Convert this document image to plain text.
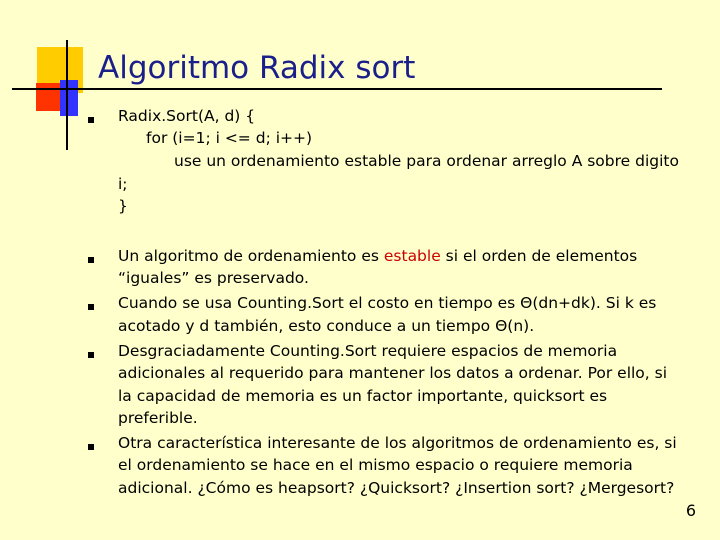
Algoritmo Radix sort
Radix.Sort(A, d) {
for (i=1; i <= d; i++)
use un ordenamiento estable para ordenar arreglo A sobre digito
i;
}
Un algoritmo de ordenamiento es estable si el orden de elementos
“iguales” es preservado.
Cuando se usa Counting.Sort el costo en tiempo es Θ(dn+dk). Si k es
acotado y d también, esto conduce a un tiempo Θ(n).
Desgraciadamente Counting.Sort requiere espacios de memoria
adicionales al requerido para mantener los datos a ordenar. Por ello, si
la capacidad de memoria es un factor importante, quicksort es
preferible.
Otra característica interesante de los algoritmos de ordenamiento es, si
el ordenamiento se hace en el mismo espacio o requiere memoria
adicional. ¿Cómo es heapsort? ¿Quicksort? ¿Insertion sort? ¿Mergesort?
6
